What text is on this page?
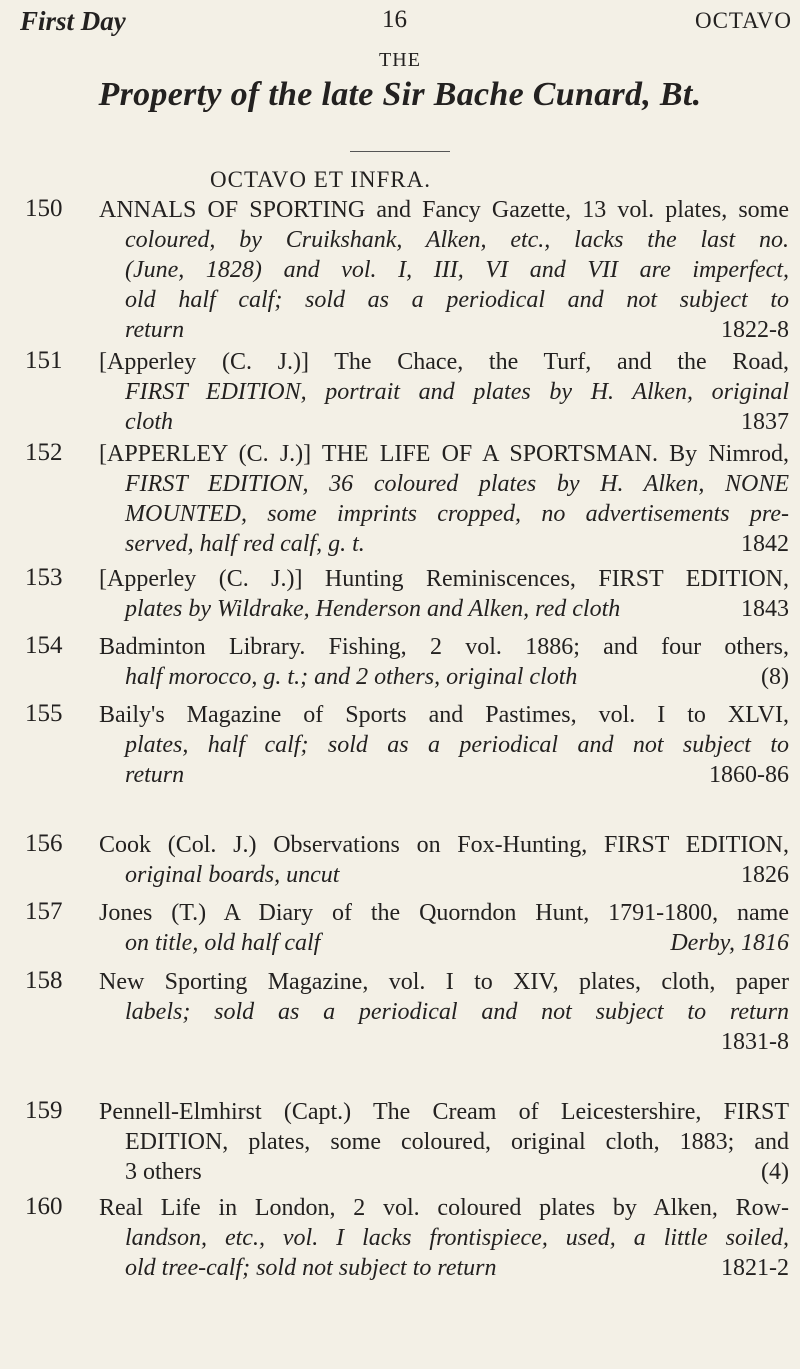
First Day	16	OCTAVO
THE
Property of the late Sir Bache Cunard, Bt.
OCTAVO ET INFRA.
150 ANNALS OF SPORTING and Fancy Gazette, 13 vol. plates, some
coloured, by Cruikshank, Alken, etc., lacks the last no.
(June, 1828) and vol. I, III, VI and VII are imperfect,
old half calf; sold as a periodical and not subject to
return	1822-8
151 [Apperley (C. J.)] The Chace, the Turf, and the Road,
FIRST EDITION, portrait and plates by H. Alken, original
cloth	1837
152 [APPERLEY (C. J.)] THE LIFE OF A SPORTSMAN. By Nimrod,
FIRST EDITION, 36 coloured plates by H. Alken, NONE
MOUNTED, some imprints cropped, no advertisements pre-
served, half red calf, g. t.	1842
153 [Apperley (C. J.)] Hunting Reminiscences, FIRST EDITION,
plates by Wildrake, Henderson and Alken, red cloth	1843
154 Badminton Library. Fishing, 2 vol. 1886; and four others,
half morocco, g. t.; and 2 others, original cloth	(8)
155 Baily's Magazine of Sports and Pastimes, vol. I to XLVI,
plates, half calf; sold as a periodical and not subject to
return	1860-86
156 Cook (Col. J.) Observations on Fox-Hunting, FIRST EDITION,
original boards, uncut	1826
157 Jones (T.) A Diary of the Quorndon Hunt, 1791-1800, name
on title, old half calf	Derby, 1816
158 New Sporting Magazine, vol. I to XIV, plates, cloth, paper
labels; sold as a periodical and not subject to return
1831-8
159 Pennell-Elmhirst (Capt.) The Cream of Leicestershire, FIRST
EDITION, plates, some coloured, original cloth, 1883; and
3 others	(4)
160 Real Life in London, 2 vol. coloured plates by Alken, Row-
landson, etc., vol. I lacks frontispiece, used, a little soiled,
old tree-calf; sold not subject to return	1821-2
